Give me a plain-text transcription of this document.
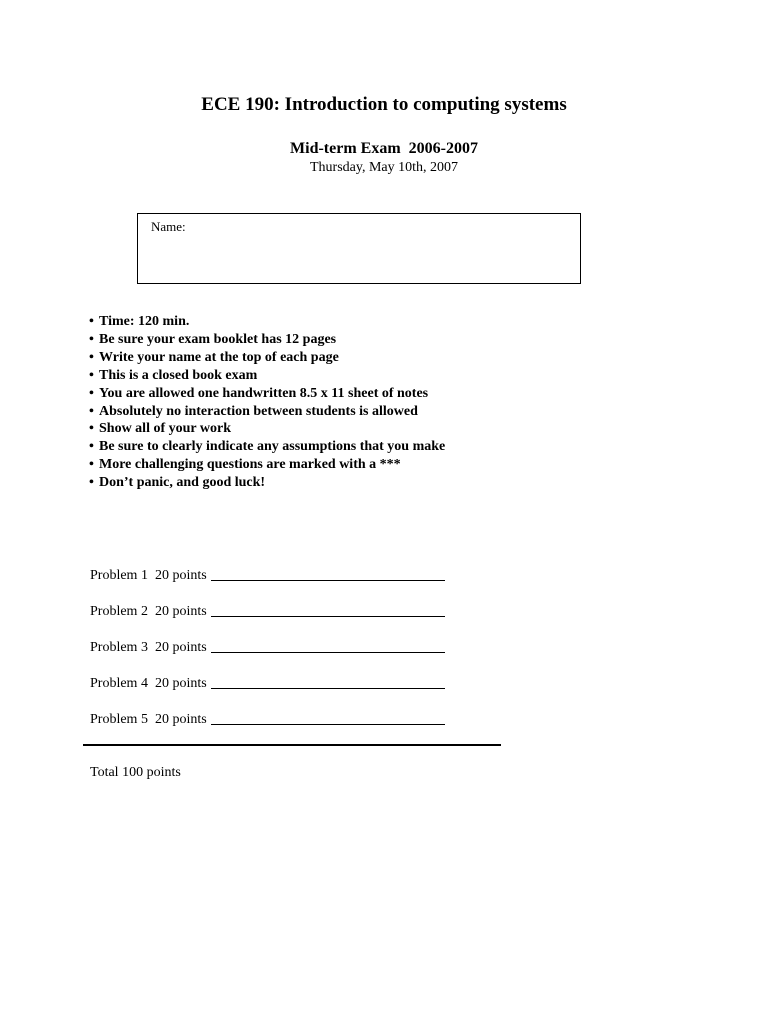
ECE 190: Introduction to computing systems
Mid-term Exam  2006-2007
Thursday, May 10th, 2007
Name:
• Time: 120 min.
• Be sure your exam booklet has 12 pages
• Write your name at the top of each page
• This is a closed book exam
• You are allowed one handwritten 8.5 x 11 sheet of notes
• Absolutely no interaction between students is allowed
• Show all of your work
• Be sure to clearly indicate any assumptions that you make
• More challenging questions are marked with a ***
• Don’t panic, and good luck!
Problem 1 20 points
Problem 2 20 points
Problem 3 20 points
Problem 4 20 points
Problem 5 20 points
Total 100 points
